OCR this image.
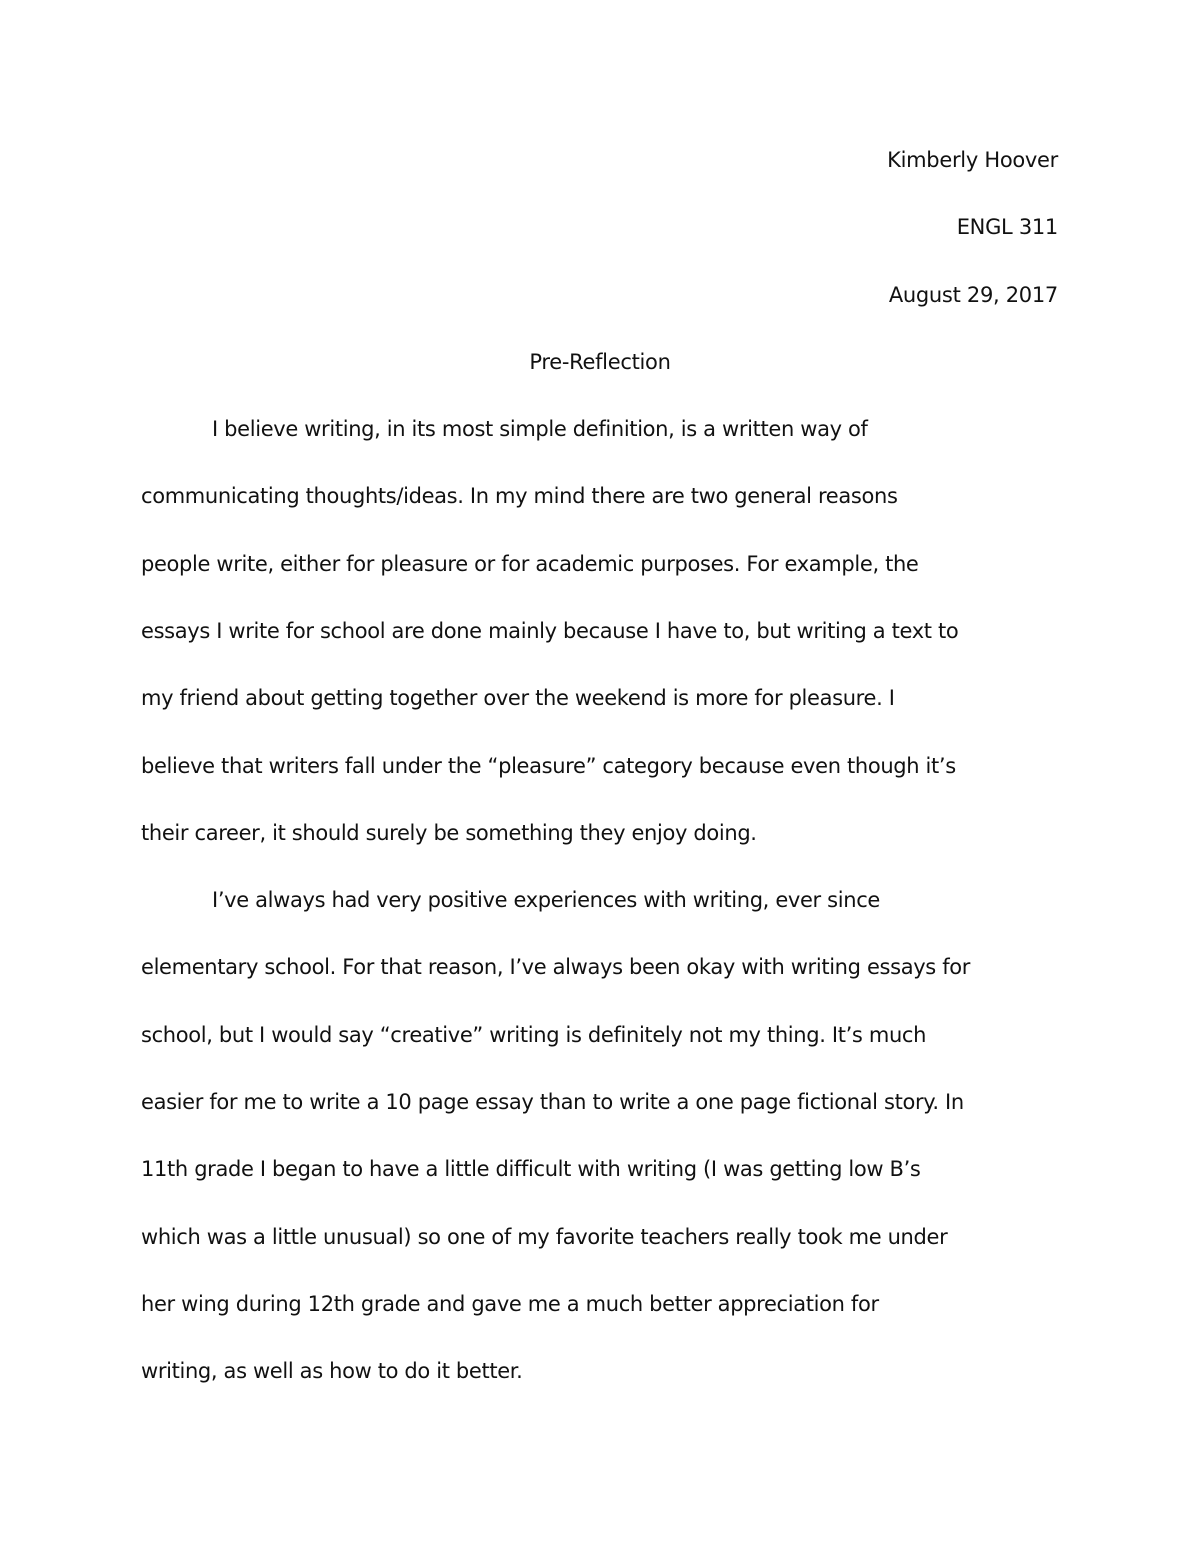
Kimberly Hoover
ENGL 311
August 29, 2017
Pre-Reflection
I believe writing, in its most simple definition, is a written way of
communicating thoughts/ideas. In my mind there are two general reasons
people write, either for pleasure or for academic purposes. For example, the
essays I write for school are done mainly because I have to, but writing a text to
my friend about getting together over the weekend is more for pleasure. I
believe that writers fall under the “pleasure” category because even though it’s
their career, it should surely be something they enjoy doing.
I’ve always had very positive experiences with writing, ever since
elementary school. For that reason, I’ve always been okay with writing essays for
school, but I would say “creative” writing is definitely not my thing. It’s much
easier for me to write a 10 page essay than to write a one page fictional story. In
11th grade I began to have a little difficult with writing (I was getting low B’s
which was a little unusual) so one of my favorite teachers really took me under
her wing during 12th grade and gave me a much better appreciation for
writing, as well as how to do it better.
